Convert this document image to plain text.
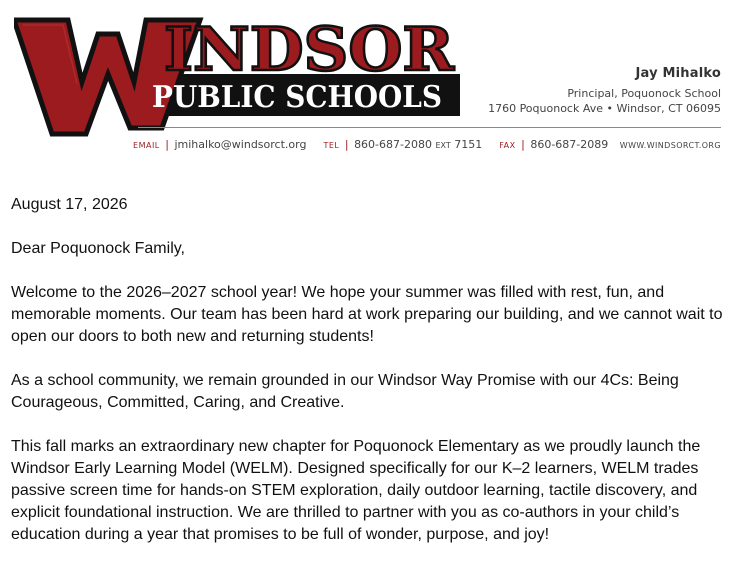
INDSOR
PUBLIC SCHOOLS
Jay Mihalko
Principal, Poquonock School
1760 Poquonock Ave • Windsor, CT 06095
EMAIL | jmihalko@windsorct.org TEL | 860-687-2080 EXT 7151 FAX | 860-687-2089 WWW.WINDSORCT.ORG

August 17, 2026

Dear Poquonock Family,

Welcome to the 2026–2027 school year! We hope your summer was filled with rest, fun, and memorable moments. Our team has been hard at work preparing our building, and we cannot wait to open our doors to both new and returning students!

As a school community, we remain grounded in our Windsor Way Promise with our 4Cs: Being Courageous, Committed, Caring, and Creative.

This fall marks an extraordinary new chapter for Poquonock Elementary as we proudly launch the Windsor Early Learning Model (WELM). Designed specifically for our K–2 learners, WELM trades passive screen time for hands-on STEM exploration, daily outdoor learning, tactile discovery, and explicit foundational instruction. We are thrilled to partner with you as co-authors in your child’s education during a year that promises to be full of wonder, purpose, and joy!
